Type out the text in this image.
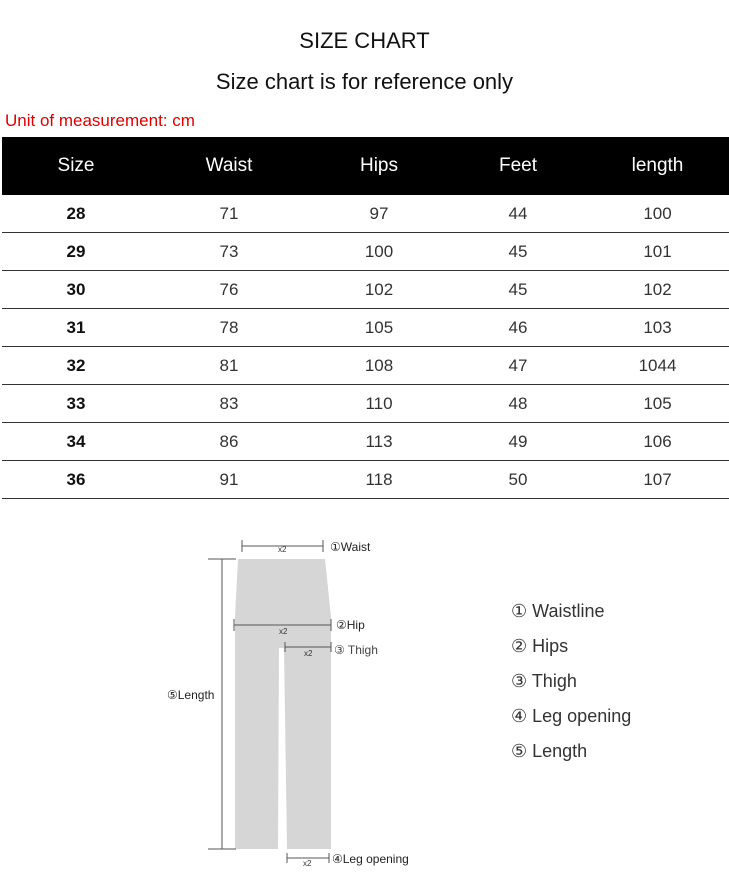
SIZE CHART
Size chart is for reference only
Unit of measurement: cm
Size	Waist	Hips	Feet	length
28	71	97	44	100
29	73	100	45	101
30	76	102	45	102
31	78	105	46	103
32	81	108	47	1044
33	83	110	48	105
34	86	113	49	106
36	91	118	50	107
x2	①Waist
x2	②Hip
x2 ③ Thigh
⑤Length
x2 ④Leg opening
① Waistline
② Hips
③ Thigh
④ Leg opening
⑤ Length
